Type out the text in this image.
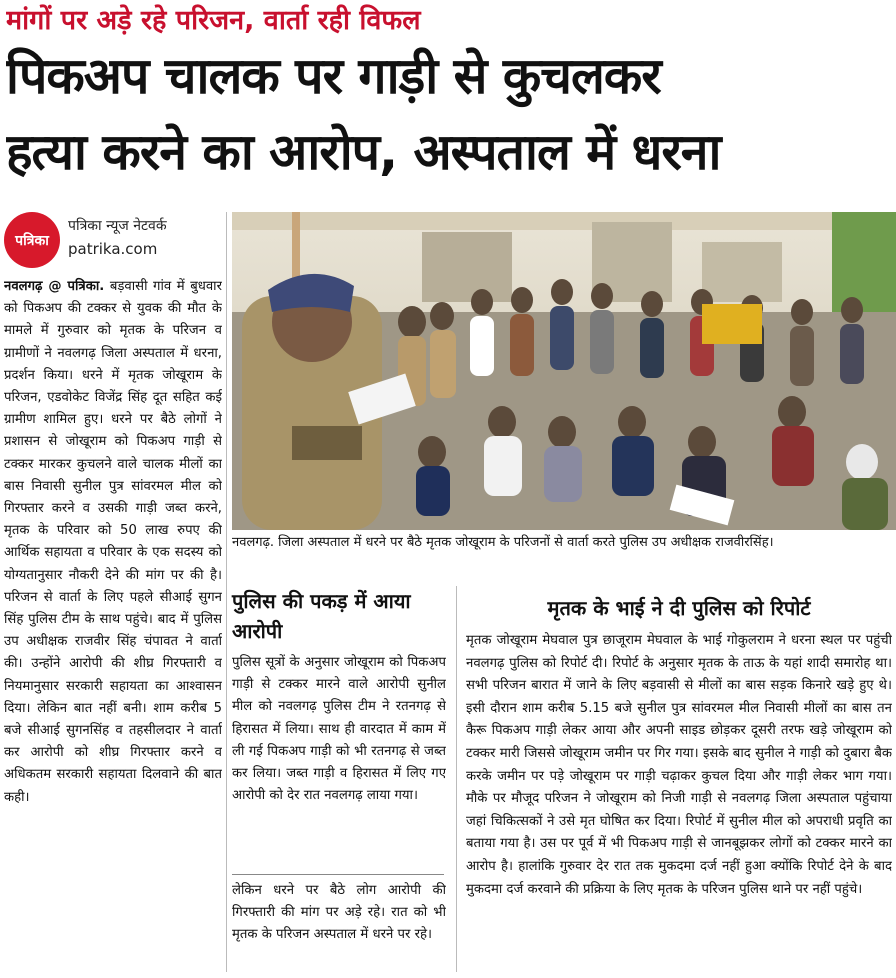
मांगों पर अड़े रहे परिजन, वार्ता रही विफल
पिकअप चालक पर गाड़ी से कुचलकर
हत्या करने का आरोप, अस्पताल में धरना
पत्रिका
पत्रिका न्यूज नेटवर्क
patrika.com
नवलगढ़ @ पत्रिका. बड़वासी गांव में बुधवार को पिकअप की टक्कर से युवक की मौत के मामले में गुरुवार को मृतक के परिजन व ग्रामीणों ने नवलगढ़ जिला अस्पताल में धरना, प्रदर्शन किया। धरने में मृतक जोखूराम के परिजन, एडवोकेट विजेंद्र सिंह दूत सहित कई ग्रामीण शामिल हुए। धरने पर बैठे लोगों ने प्रशासन से जोखूराम को पिकअप गाड़ी से टक्कर मारकर कुचलने वाले चालक मीलों का बास निवासी सुनील पुत्र सांवरमल मील को गिरफ्तार करने व उसकी गाड़ी जब्त करने, मृतक के परिवार को 50 लाख रुपए की आर्थिक सहायता व परिवार के एक सदस्य को योग्यतानुसार नौकरी देने की मांग पर की है। परिजन से वार्ता के लिए पहले सीआई सुगन सिंह पुलिस टीम के साथ पहुंचे। बाद में पुलिस उप अधीक्षक राजवीर सिंह चंपावत ने वार्ता की। उन्होंने आरोपी की शीघ्र गिरफ्तारी व नियमानुसार सरकारी सहायता का आश्वासन दिया। लेकिन बात नहीं बनी। शाम करीब 5 बजे सीआई सुगनसिंह व तहसीलदार ने वार्ता कर आरोपी को शीघ्र गिरफ्तार करने व अधिकतम सरकारी सहायता दिलवाने की बात कही।
नवलगढ़. जिला अस्पताल में धरने पर बैठे मृतक जोखूराम के परिजनों से वार्ता करते पुलिस उप अधीक्षक राजवीरसिंह।
पुलिस की पकड़ में आया आरोपी
पुलिस सूत्रों के अनुसार जोखूराम को पिकअप गाड़ी से टक्कर मारने वाले आरोपी सुनील मील को नवलगढ़ पुलिस टीम ने रतनगढ़ से हिरासत में लिया। साथ ही वारदात में काम में ली गई पिकअप गाड़ी को भी रतनगढ़ से जब्त कर लिया। जब्त गाड़ी व हिरासत में लिए गए आरोपी को देर रात नवलगढ़ लाया गया।
लेकिन धरने पर बैठे लोग आरोपी की गिरफ्तारी की मांग पर अड़े रहे। रात को भी मृतक के परिजन अस्पताल में धरने पर रहे।
मृतक के भाई ने दी पुलिस को रिपोर्ट
मृतक जोखूराम मेघवाल पुत्र छाजूराम मेघवाल के भाई गोकुलराम ने धरना स्थल पर पहुंची नवलगढ़ पुलिस को रिपोर्ट दी। रिपोर्ट के अनुसार मृतक के ताऊ के यहां शादी समारोह था। सभी परिजन बारात में जाने के लिए बड़वासी से मीलों का बास सड़क किनारे खड़े हुए थे। इसी दौरान शाम करीब 5.15 बजे सुनील पुत्र सांवरमल मील निवासी मीलों का बास तन कैरू पिकअप गाड़ी लेकर आया और अपनी साइड छोड़कर दूसरी तरफ खड़े जोखूराम को टक्कर मारी जिससे जोखूराम जमीन पर गिर गया। इसके बाद सुनील ने गाड़ी को दुबारा बैक करके जमीन पर पड़े जोखूराम पर गाड़ी चढ़ाकर कुचल दिया और गाड़ी लेकर भाग गया। मौके पर मौजूद परिजन ने जोखूराम को निजी गाड़ी से नवलगढ़ जिला अस्पताल पहुंचाया जहां चिकित्सकों ने उसे मृत घोषित कर दिया। रिपोर्ट में सुनील मील को अपराधी प्रवृति का बताया गया है। उस पर पूर्व में भी पिकअप गाड़ी से जानबूझकर लोगों को टक्कर मारने का आरोप है। हालांकि गुरुवार देर रात तक मुकदमा दर्ज नहीं हुआ क्योंकि रिपोर्ट देने के बाद मुकदमा दर्ज करवाने की प्रक्रिया के लिए मृतक के परिजन पुलिस थाने पर नहीं पहुंचे।
